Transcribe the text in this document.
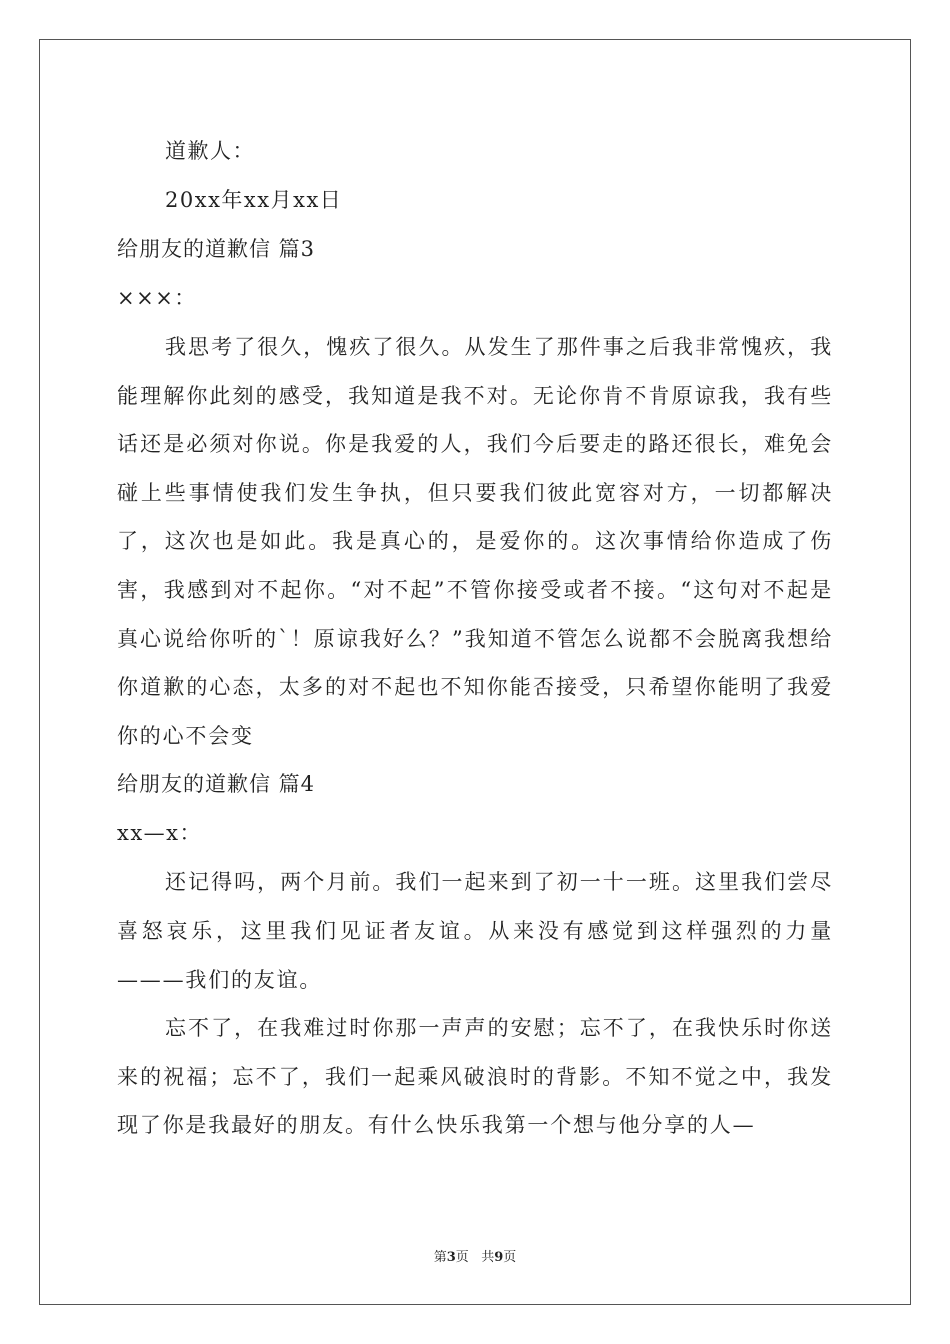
道歉人：
20xx年xx月xx日
给朋友的道歉信 篇3
×××：

我思考了很久，愧疚了很久。从发生了那件事之后我非常愧疚，我能理解你此刻的感受，我知道是我不对。无论你肯不肯原谅我，我有些话还是必须对你说。你是我爱的人，我们今后要走的路还很长，难免会碰上些事情使我们发生争执，但只要我们彼此宽容对方，一切都解决了，这次也是如此。我是真心的，是爱你的。这次事情给你造成了伤害，我感到对不起你。“对不起”不管你接受或者不接。“这句对不起是真心说给你听的`！原谅我好么？”我知道不管怎么说都不会脱离我想给你道歉的心态，太多的对不起也不知你能否接受，只希望你能明了我爱你的心不会变

给朋友的道歉信 篇4
xx—x：

还记得吗，两个月前。我们一起来到了初一十一班。这里我们尝尽喜怒哀乐，这里我们见证者友谊。从来没有感觉到这样强烈的力量———我们的友谊。

忘不了，在我难过时你那一声声的安慰；忘不了，在我快乐时你送来的祝福；忘不了，我们一起乘风破浪时的背影。不知不觉之中，我发现了你是我最好的朋友。有什么快乐我第一个想与他分享的人—

第3页   共9页
